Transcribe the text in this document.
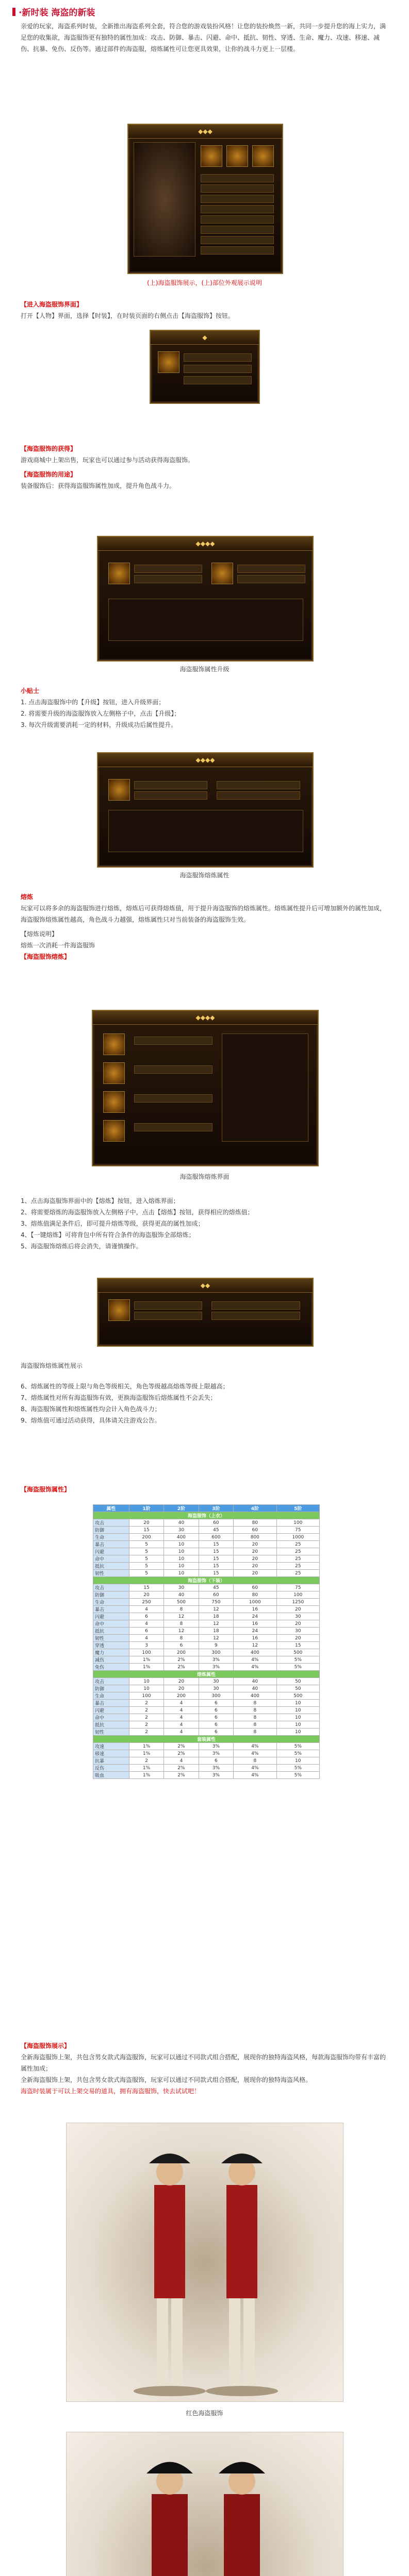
·新时装 海盗的新装
亲爱的玩家，海盗系列时装，全新推出海盗系列全套，符合您的游戏装扮风格！让您的装扮焕然一新，共同一步提升您的海上实力，满足您的收集欲，海盗服饰更有独特的属性加成：攻击、防御、暴击、闪避、命中、抵抗、韧性、穿透、生命、魔力、攻速、移速、减伤、抗暴、免伤、反伤等。通过部件的海盗服，熔炼属性可让您更具效果，让你的战斗力更上一层楼。
◆◆◆
(上)海盗服饰展示，(上)部位外观展示说明
【进入海盗服饰界面】
打开【人物】界面，选择【时装】，在时装页面的右侧点击【海盗服饰】按钮。
◆
【海盗服饰的获得】
游戏商城中上架出售，玩家也可以通过参与活动获得海盗服饰。
【海盗服饰的用途】
装备服饰后：获得海盗服饰属性加成，提升角色战斗力。
◆◆◆◆
海盗服饰属性升级
小贴士
1. 点击海盗服饰中的【升级】按钮，进入升级界面；
2. 将需要升级的海盗服饰放入左侧格子中，点击【升级】；
3. 每次升级需要消耗一定的材料，升级成功后属性提升。
◆◆◆◆
海盗服饰熔炼属性
熔炼
玩家可以将多余的海盗服饰进行熔炼，熔炼后可获得熔炼值，用于提升海盗服饰的熔炼属性。熔炼属性提升后可增加额外的属性加成，海盗服饰熔炼属性越高，角色战斗力越强，熔炼属性只对当前装备的海盗服饰生效。
【熔炼说明】
熔炼一次消耗一件海盗服饰
【海盗服饰熔炼】
◆◆◆◆
海盗服饰熔炼界面
1、点击海盗服饰界面中的【熔炼】按钮，进入熔炼界面；
2、将需要熔炼的海盗服饰放入左侧格子中，点击【熔炼】按钮，获得相应的熔炼值；
3、熔炼值满足条件后，即可提升熔炼等级，获得更高的属性加成；
4、【一键熔炼】可将背包中所有符合条件的海盗服饰全部熔炼；
5、海盗服饰熔炼后将会消失，请谨慎操作。
◆◆
海盗服饰熔炼属性展示
6、熔炼属性的等级上限与角色等级相关，角色等级越高熔炼等级上限越高；
7、熔炼属性对所有海盗服饰有效，更换海盗服饰后熔炼属性不会丢失；
8、海盗服饰属性和熔炼属性均会计入角色战斗力；
9、熔炼值可通过活动获得，具体请关注游戏公告。
【海盗服饰属性】
属性	1阶	2阶	3阶	4阶	5阶
海盗服饰（上衣）					
攻击	20	40	60	80	100
防御	15	30	45	60	75
生命	200	400	600	800	1000
暴击	5	10	15	20	25
闪避	5	10	15	20	25
命中	5	10	15	20	25
抵抗	5	10	15	20	25
韧性	5	10	15	20	25
海盗服饰（下装）					
攻击	15	30	45	60	75
防御	20	40	60	80	100
生命	250	500	750	1000	1250
暴击	4	8	12	16	20
闪避	6	12	18	24	30
命中	4	8	12	16	20
抵抗	6	12	18	24	30
韧性	4	8	12	16	20
穿透	3	6	9	12	15
魔力	100	200	300	400	500
减伤	1%	2%	3%	4%	5%
免伤	1%	2%	3%	4%	5%
熔炼属性					
攻击	10	20	30	40	50
防御	10	20	30	40	50
生命	100	200	300	400	500
暴击	2	4	6	8	10
闪避	2	4	6	8	10
命中	2	4	6	8	10
抵抗	2	4	6	8	10
韧性	2	4	6	8	10
套装属性					
攻速	1%	2%	3%	4%	5%
移速	1%	2%	3%	4%	5%
抗暴	2	4	6	8	10
反伤	1%	2%	3%	4%	5%
吸血	1%	2%	3%	4%	5%
【海盗服饰展示】
全新海盗服饰上架，共包含男女款式海盗服饰，玩家可以通过不同款式组合搭配，展现你的独特海盗风格，每款海盗服饰均带有丰富的属性加成；
全新海盗服饰上架，共包含男女款式海盗服饰，玩家可以通过不同款式组合搭配，展现你的独特海盗风格。
海盗时装属于可以上架交易的道具，拥有海盗服饰，快去试试吧！
红色海盗服饰
